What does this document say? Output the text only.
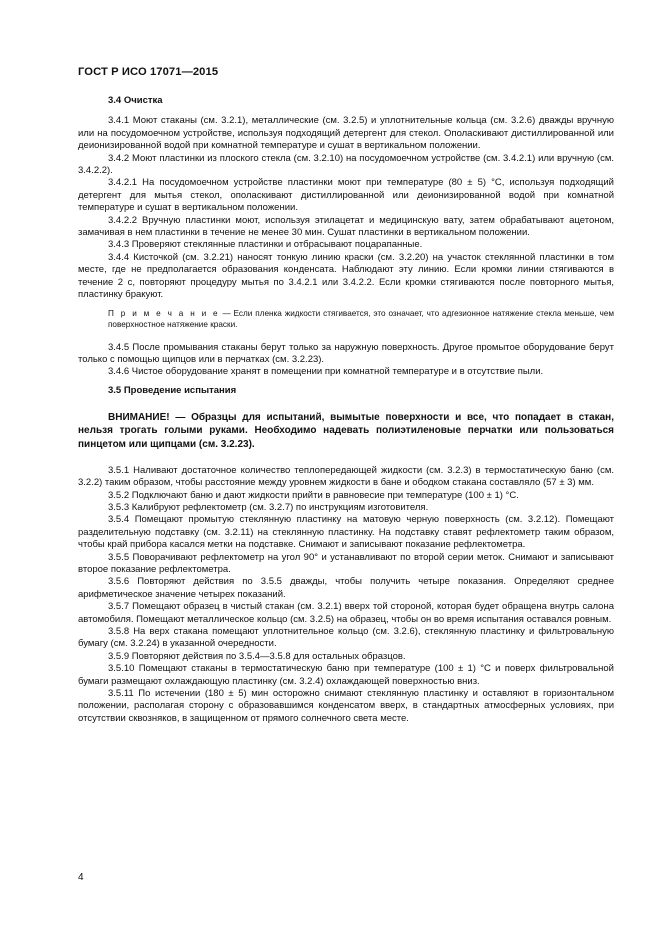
ГОСТ Р ИСО 17071—2015

3.4 Очистка

3.4.1 Моют стаканы (см. 3.2.1), металлические (см. 3.2.5) и уплотнительные кольца (см. 3.2.6) дважды вручную или на посудомоечном устройстве, используя подходящий детергент для стекол. Ополаскивают дистиллированной или деионизированной водой при комнатной температуре и сушат в вертикальном положении.

3.4.2 Моют пластинки из плоского стекла (см. 3.2.10) на посудомоечном устройстве (см. 3.4.2.1) или вручную (см. 3.4.2.2).

3.4.2.1 На посудомоечном устройстве пластинки моют при температуре (80 ± 5) °С, используя подходящий детергент для мытья стекол, ополаскивают дистиллированной или деионизированной водой при комнатной температуре и сушат в вертикальном положении.

3.4.2.2 Вручную пластинки моют, используя этилацетат и медицинскую вату, затем обрабатывают ацетоном, замачивая в нем пластинки в течение не менее 30 мин. Сушат пластинки в вертикальном положении.

3.4.3 Проверяют стеклянные пластинки и отбрасывают поцарапанные.

3.4.4 Кисточкой (см. 3.2.21) наносят тонкую линию краски (см. 3.2.20) на участок стеклянной пластинки в том месте, где не предполагается образования конденсата. Наблюдают эту линию. Если кромки линии стягиваются в течение 2 с, повторяют процедуру мытья по 3.4.2.1 или 3.4.2.2. Если кромки стягиваются после повторного мытья, пластинку бракуют.

П р и м е ч а н и е — Если пленка жидкости стягивается, это означает, что адгезионное натяжение стекла меньше, чем поверхностное натяжение краски.

3.4.5 После промывания стаканы берут только за наружную поверхность. Другое промытое оборудование берут только с помощью щипцов или в перчатках (см. 3.2.23).

3.4.6 Чистое оборудование хранят в помещении при комнатной температуре и в отсутствие пыли.

3.5 Проведение испытания

ВНИМАНИЕ! — Образцы для испытаний, вымытые поверхности и все, что попадает в стакан, нельзя трогать голыми руками. Необходимо надевать полиэтиленовые перчатки или пользоваться пинцетом или щипцами (см. 3.2.23).

3.5.1 Наливают достаточное количество теплопередающей жидкости (см. 3.2.3) в термостатическую баню (см. 3.2.2) таким образом, чтобы расстояние между уровнем жидкости в бане и ободком стакана составляло (57 ± 3) мм.

3.5.2 Подключают баню и дают жидкости прийти в равновесие при температуре (100 ± 1) °С.

3.5.3 Калибруют рефлектометр (см. 3.2.7) по инструкциям изготовителя.

3.5.4 Помещают промытую стеклянную пластинку на матовую черную поверхность (см. 3.2.12). Помещают разделительную подставку (см. 3.2.11) на стеклянную пластинку. На подставку ставят рефлектометр таким образом, чтобы край прибора касался метки на подставке. Снимают и записывают показание рефлектометра.

3.5.5 Поворачивают рефлектометр на угол 90° и устанавливают по второй серии меток. Снимают и записывают второе показание рефлектометра.

3.5.6 Повторяют действия по 3.5.5 дважды, чтобы получить четыре показания. Определяют среднее арифметическое значение четырех показаний.

3.5.7 Помещают образец в чистый стакан (см. 3.2.1) вверх той стороной, которая будет обращена внутрь салона автомобиля. Помещают металлическое кольцо (см. 3.2.5) на образец, чтобы он во время испытания оставался ровным.

3.5.8 На верх стакана помещают уплотнительное кольцо (см. 3.2.6), стеклянную пластинку и фильтровальную бумагу (см. 3.2.24) в указанной очередности.

3.5.9 Повторяют действия по 3.5.4—3.5.8 для остальных образцов.

3.5.10 Помещают стаканы в термостатическую баню при температуре (100 ± 1) °С и поверх фильтровальной бумаги размещают охлаждающую пластинку (см. 3.2.4) охлаждающей поверхностью вниз.

3.5.11 По истечении (180 ± 5) мин осторожно снимают стеклянную пластинку и оставляют в горизонтальном положении, располагая сторону с образовавшимся конденсатом вверх, в стандартных атмосферных условиях, при отсутствии сквозняков, в защищенном от прямого солнечного света месте.

4
